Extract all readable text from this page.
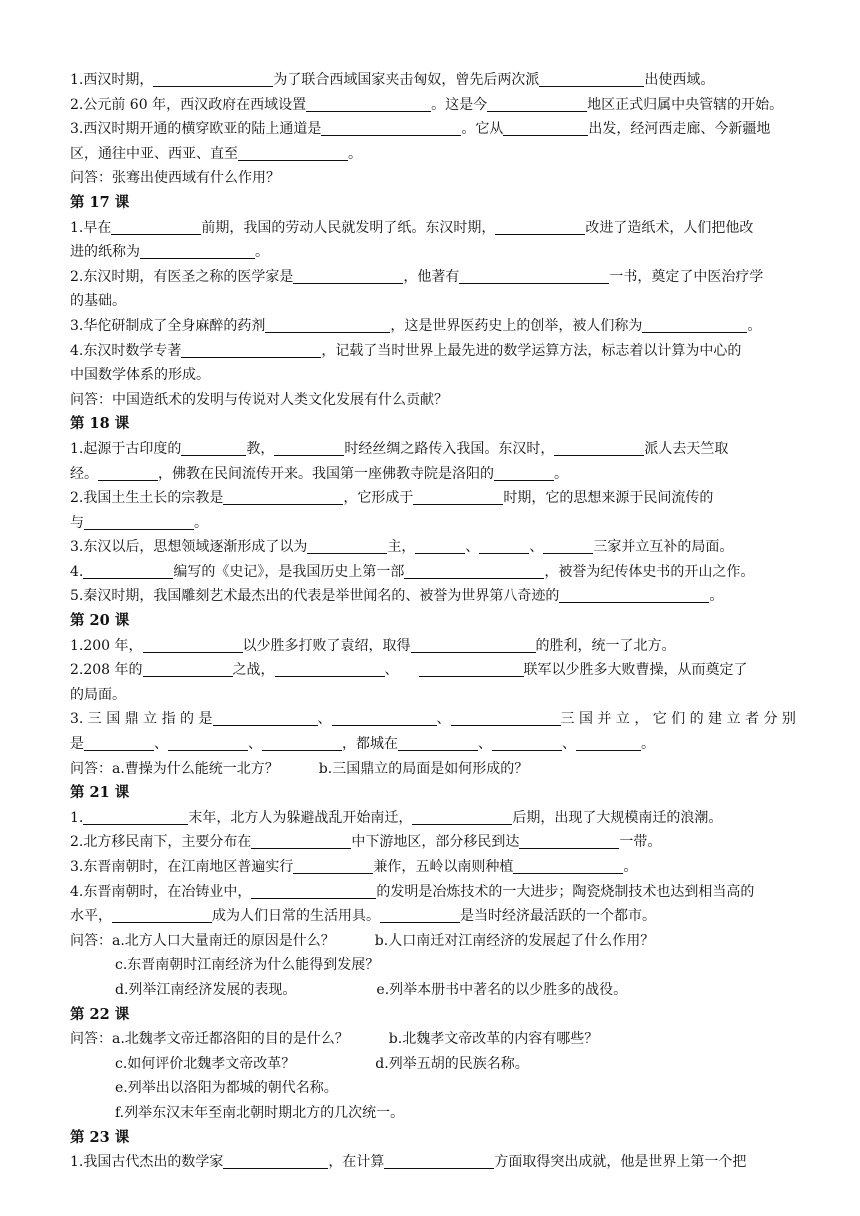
1.西汉时期，	为了联合西域国家夹击匈奴，曾先后两次派	出使西域。
2.公元前 60 年，西汉政府在西域设置	。这是今	地区正式归属中央管辖的开始。
3.西汉时期开通的横穿欧亚的陆上通道是	。它从	出发，经河西走廊、今新疆地
区，通往中亚、西亚、直至	。
问答：张骞出使西域有什么作用？
第 17 课
1.早在	前期，我国的劳动人民就发明了纸。东汉时期，	改进了造纸术，人们把他改
进的纸称为	。
2.东汉时期，有医圣之称的医学家是	，他著有	一书，奠定了中医治疗学
的基础。
3.华佗研制成了全身麻醉的药剂	，这是世界医药史上的创举，被人们称为	。
4.东汉时数学专著	，记载了当时世界上最先进的数学运算方法，标志着以计算为中心的
中国数学体系的形成。
问答：中国造纸术的发明与传说对人类文化发展有什么贡献？
第 18 课
1.起源于古印度的	教，	时经丝绸之路传入我国。东汉时，	派人去天竺取
经。	，佛教在民间流传开来。我国第一座佛教寺院是洛阳的	。
2.我国土生土长的宗教是	，它形成于	时期，它的思想来源于民间流传的
与	。
3.东汉以后，思想领域逐渐形成了以为	主，	、	、	三家并立互补的局面。
4.	编写的《史记》，是我国历史上第一部	，被誉为纪传体史书的开山之作。
5.秦汉时期，我国雕刻艺术最杰出的代表是举世闻名的、被誉为世界第八奇迹的	。
第 20 课
1.200 年，	以少胜多打败了袁绍，取得	的胜利，统一了北方。
2.208 年的	之战，	、	联军以少胜多大败曹操，从而奠定了
的局面。
3. 三 国 鼎 立 指 的 是	、	、	三 国 并 立 ， 它 们 的 建 立 者 分 别
是	、	、	，都城在	、	、	。
问答：a.曹操为什么能统一北方？	b.三国鼎立的局面是如何形成的？
第 21 课
1.	末年，北方人为躲避战乱开始南迁，	后期，出现了大规模南迁的浪潮。
2.北方移民南下，主要分布在	中下游地区，部分移民到达	一带。
3.东晋南朝时，在江南地区普遍实行	兼作，五岭以南则种植	。
4.东晋南朝时，在冶铸业中，	的发明是冶炼技术的一大进步；陶瓷烧制技术也达到相当高的
水平，	成为人们日常的生活用具。	是当时经济最活跃的一个都市。
问答：a.北方人口大量南迁的原因是什么？	b.人口南迁对江南经济的发展起了什么作用？
c.东晋南朝时江南经济为什么能得到发展？
d.列举江南经济发展的表现。	e.列举本册书中著名的以少胜多的战役。
第 22 课
问答：a.北魏孝文帝迁都洛阳的目的是什么？	b.北魏孝文帝改革的内容有哪些？
c.如何评价北魏孝文帝改革？	d.列举五胡的民族名称。
e.列举出以洛阳为都城的朝代名称。
f.列举东汉末年至南北朝时期北方的几次统一。
第 23 课
1.我国古代杰出的数学家	，在计算	方面取得突出成就，他是世界上第一个把
